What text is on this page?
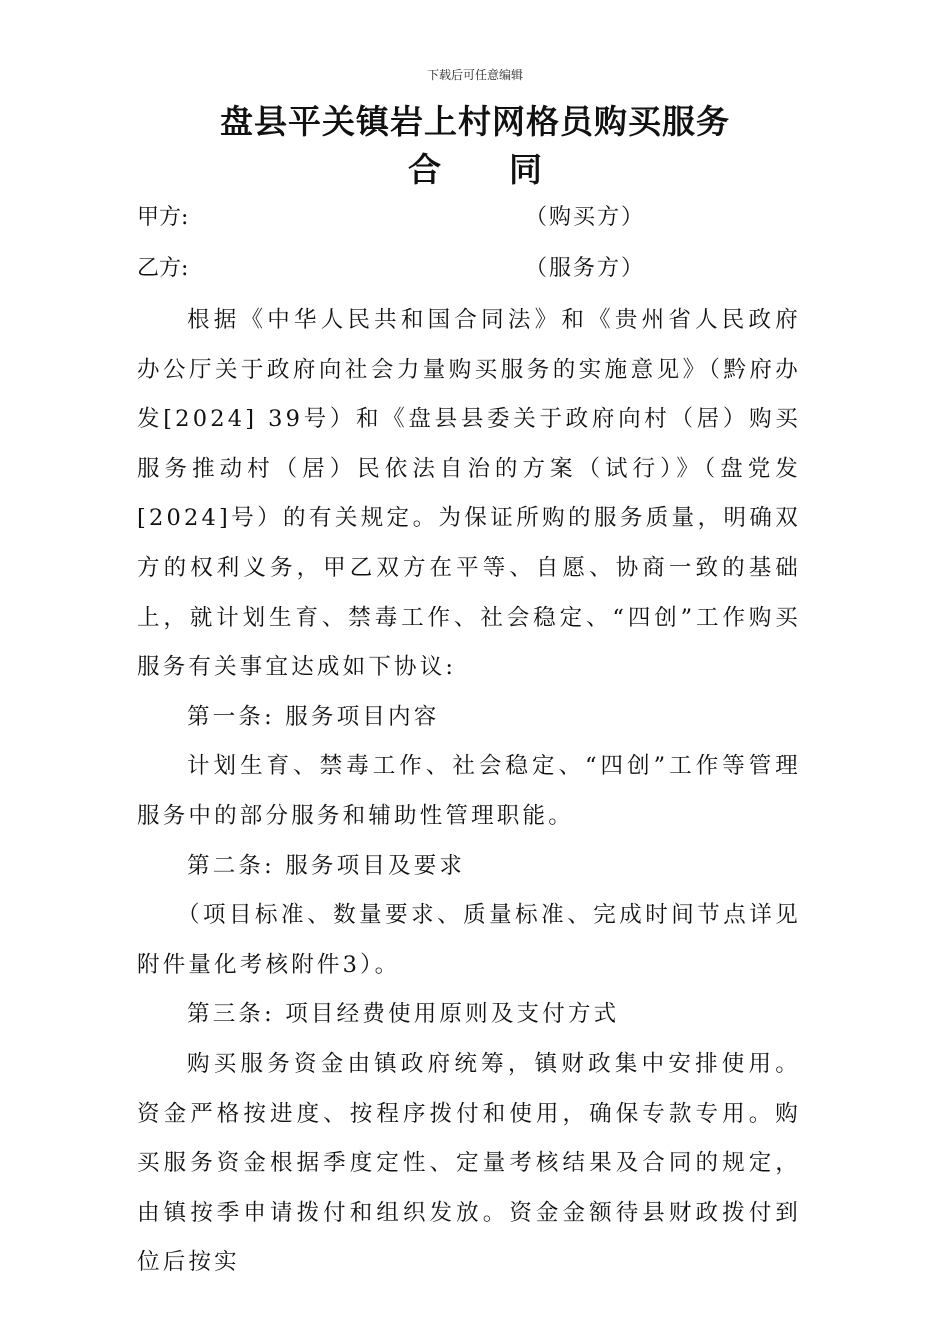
下载后可任意编辑
盘县平关镇岩上村网格员购买服务
合同
甲方:	（购买方）
乙方:	（服务方）

根据《中华人民共和国合同法》和《贵州省人民政府办公厅关于政府向社会力量购买服务的实施意见》（黔府办发[2024] 39号）和《盘县县委关于政府向村（居）购买服务推动村（居）民依法自治的方案（试行）》（盘党发[2024]号）的有关规定。为保证所购的服务质量，明确双方的权利义务，甲乙双方在平等、自愿、协商一致的基础上，就计划生育、禁毒工作、社会稳定、“四创”工作购买服务有关事宜达成如下协议:

第一条: 服务项目内容

计划生育、禁毒工作、社会稳定、“四创”工作等管理服务中的部分服务和辅助性管理职能。

第二条: 服务项目及要求

（项目标准、数量要求、质量标准、完成时间节点详见附件量化考核附件3）。

第三条: 项目经费使用原则及支付方式

购买服务资金由镇政府统筹，镇财政集中安排使用。资金严格按进度、按程序拨付和使用，确保专款专用。购买服务资金根据季度定性、定量考核结果及合同的规定，由镇按季申请拨付和组织发放。资金金额待县财政拨付到位后按实
